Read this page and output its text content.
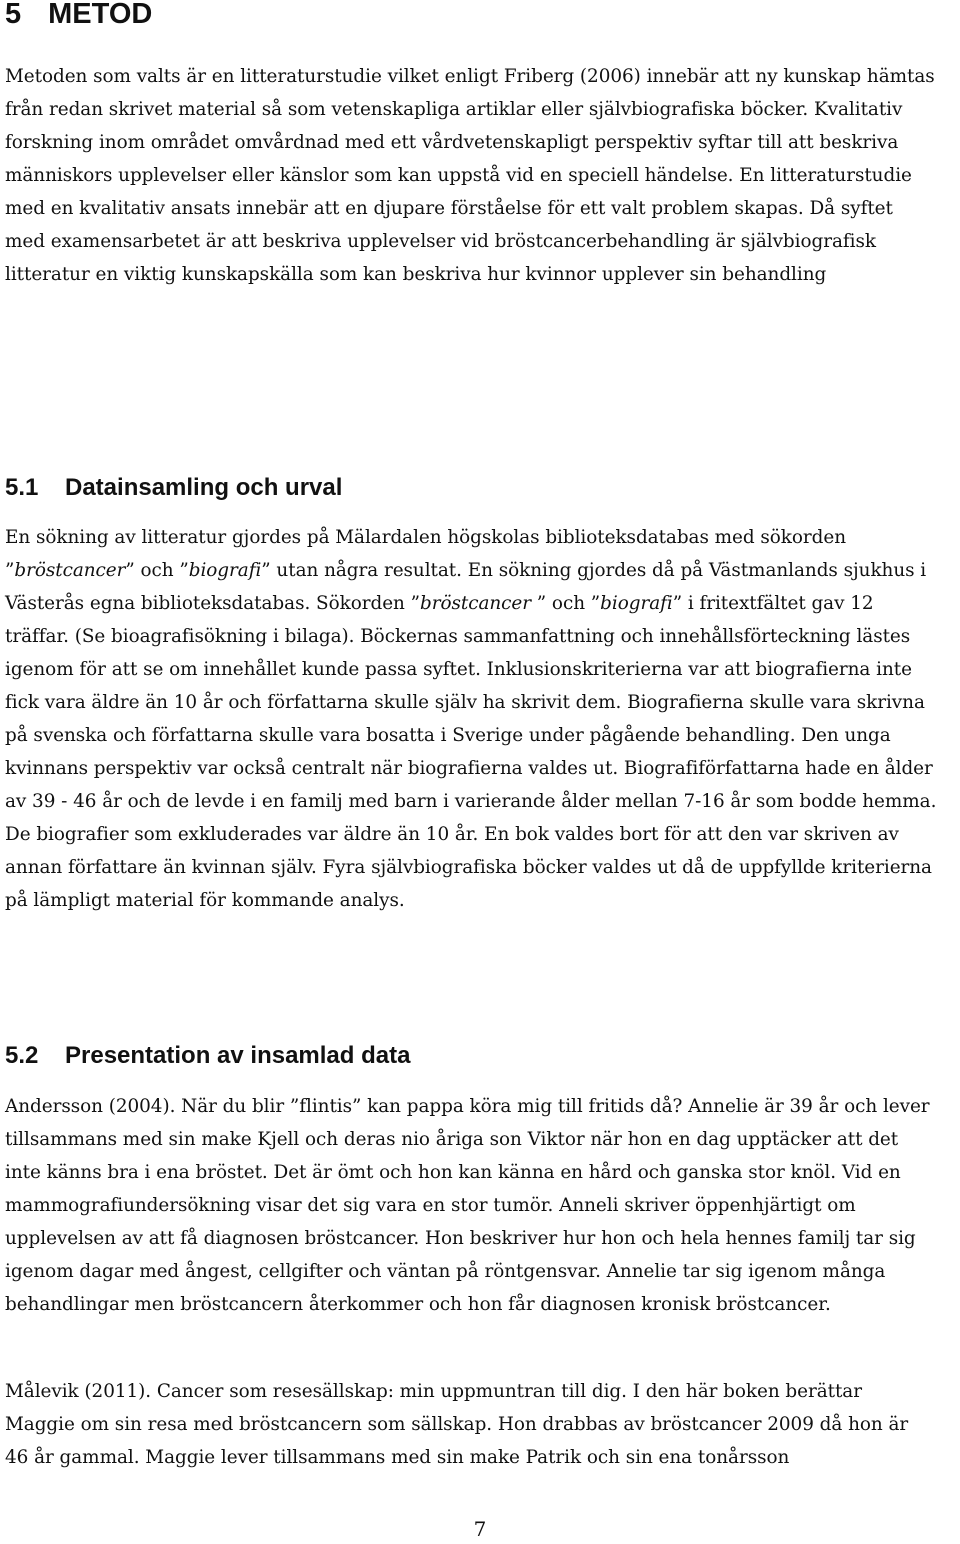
5 METOD

Metoden som valts är en litteraturstudie vilket enligt Friberg (2006) innebär att ny kunskap hämtas från redan skrivet material så som vetenskapliga artiklar eller självbiografiska böcker. Kvalitativ forskning inom området omvårdnad med ett vårdvetenskapligt perspektiv syftar till att beskriva människors upplevelser eller känslor som kan uppstå vid en speciell händelse. En litteraturstudie med en kvalitativ ansats innebär att en djupare förståelse för ett valt problem skapas. Då syftet med examensarbetet är att beskriva upplevelser vid bröstcancerbehandling är självbiografisk litteratur en viktig kunskapskälla som kan beskriva hur kvinnor upplever sin behandling

5.1 Datainsamling och urval

En sökning av litteratur gjordes på Mälardalen högskolas biblioteksdatabas med sökorden ”bröstcancer” och ”biografi” utan några resultat. En sökning gjordes då på Västmanlands sjukhus i Västerås egna biblioteksdatabas. Sökorden ”bröstcancer ” och ”biografi” i fritextfältet gav 12 träffar. (Se bioagrafisökning i bilaga). Böckernas sammanfattning och innehållsförteckning lästes igenom för att se om innehållet kunde passa syftet. Inklusionskriterierna var att biografierna inte fick vara äldre än 10 år och författarna skulle själv ha skrivit dem. Biografierna skulle vara skrivna på svenska och författarna skulle vara bosatta i Sverige under pågående behandling. Den unga kvinnans perspektiv var också centralt när biografierna valdes ut. Biografiförfattarna hade en ålder av 39 - 46 år och de levde i en familj med barn i varierande ålder mellan 7-16 år som bodde hemma. De biografier som exkluderades var äldre än 10 år. En bok valdes bort för att den var skriven av annan författare än kvinnan själv. Fyra självbiografiska böcker valdes ut då de uppfyllde kriterierna på lämpligt material för kommande analys.

5.2 Presentation av insamlad data

Andersson (2004). När du blir ”flintis” kan pappa köra mig till fritids då? Annelie är 39 år och lever tillsammans med sin make Kjell och deras nio åriga son Viktor när hon en dag upptäcker att det inte känns bra i ena bröstet. Det är ömt och hon kan känna en hård och ganska stor knöl. Vid en mammografiundersökning visar det sig vara en stor tumör. Anneli skriver öppenhjärtigt om upplevelsen av att få diagnosen bröstcancer. Hon beskriver hur hon och hela hennes familj tar sig igenom dagar med ångest, cellgifter och väntan på röntgensvar. Annelie tar sig igenom många behandlingar men bröstcancern återkommer och hon får diagnosen kronisk bröstcancer.

Målevik (2011). Cancer som resesällskap: min uppmuntran till dig. I den här boken berättar Maggie om sin resa med bröstcancern som sällskap. Hon drabbas av bröstcancer 2009 då hon är 46 år gammal. Maggie lever tillsammans med sin make Patrik och sin ena tonårsson

7
